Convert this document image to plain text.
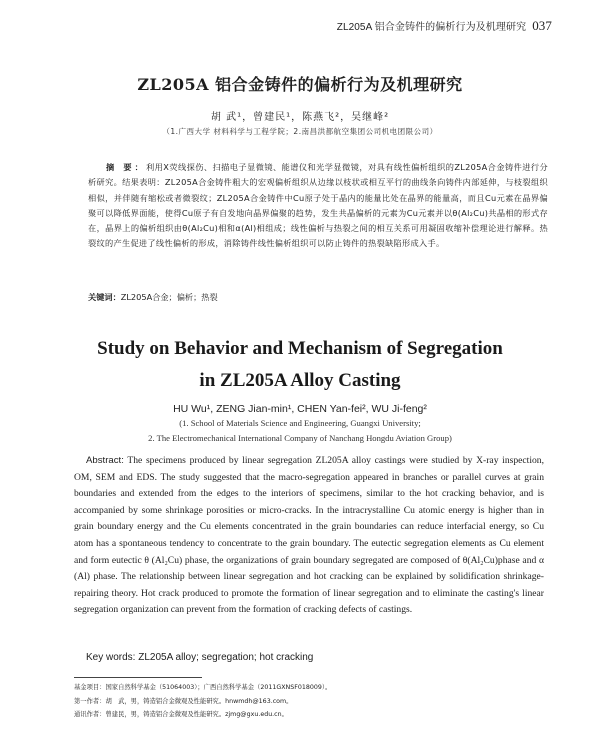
ZL205A 铝合金铸件的偏析行为及机理研究 037
ZL205A 铝合金铸件的偏析行为及机理研究
胡 武¹，曾建民¹，陈燕飞²，吴继峰²
（1.广西大学 材料科学与工程学院；2.南昌洪都航空集团公司机电团限公司）

摘 要：利用X荧线探伤、扫描电子显微镜、能谱仪和光学显微镜，对具有线性偏析组织的ZL205A合金铸件进行分析研究。结果表明：ZL205A合金铸件粗大的宏观偏析组织从边缘以枝状或相互平行的曲线条向铸件内部延伸，与枝裂组织相似，并伴随有缩松或者微裂纹；ZL205A合金铸件中Cu原子处于晶内的能量比处在晶界的能量高，而且Cu元素在晶界偏聚可以降低界面能，使得Cu原子有自发地向晶界偏聚的趋势，发生共晶偏析的元素为Cu元素并以θ(Al₂Cu)共晶相的形式存在，晶界上的偏析组织由θ(Al₂Cu)相和α(Al)相组成；线性偏析与热裂之间的相互关系可用凝固收缩补偿理论进行解释。热裂纹的产生促进了线性偏析的形成，消除铸件线性偏析组织可以防止铸件的热裂缺陷形成入手。

关键词：ZL205A合金；偏析；热裂

Study on Behavior and Mechanism of Segregation
in ZL205A Alloy Casting
HU Wu¹, ZENG Jian-min¹, CHEN Yan-fei², WU Ji-feng²
(1. School of Materials Science and Engineering, Guangxi University;
2. The Electromechanical International Company of Nanchang Hongdu Aviation Group)

Abstract: The specimens produced by linear segregation ZL205A alloy castings were studied by X-ray inspection, OM, SEM and EDS. The study suggested that the macro-segregation appeared in branches or parallel curves at grain boundaries and extended from the edges to the interiors of specimens, similar to the hot cracking behavior, and is accompanied by some shrinkage porosities or micro-cracks. In the intracrystalline Cu atomic energy is higher than in grain boundary energy and the Cu elements concentrated in the grain boundaries can reduce interfacial energy, so Cu atom has a spontaneous tendency to concentrate to the grain boundary. The eutectic segregation elements as Cu element and form eutectic θ (Al₂Cu) phase, the organizations of grain boundary segregated are composed of θ(Al₂Cu)phase and α (Al) phase. The relationship between linear segregation and hot cracking can be explained by solidification shrinkage-repairing theory. Hot crack produced to promote the formation of linear segregation and to eliminate the casting's linear segregation organization can prevent from the formation of cracking defects of castings.

Key words: ZL205A alloy; segregation; hot cracking

基金项目：国家自然科学基金（51064003）；广西自然科学基金（2011GXNSF018009）。
第一作者：胡　武，男，铸造铝合金微观及性能研究。hnwmdh@163.com。
通讯作者：曾建民，男，铸造铝合金微观及性能研究。zjmg@gxu.edu.cn。
